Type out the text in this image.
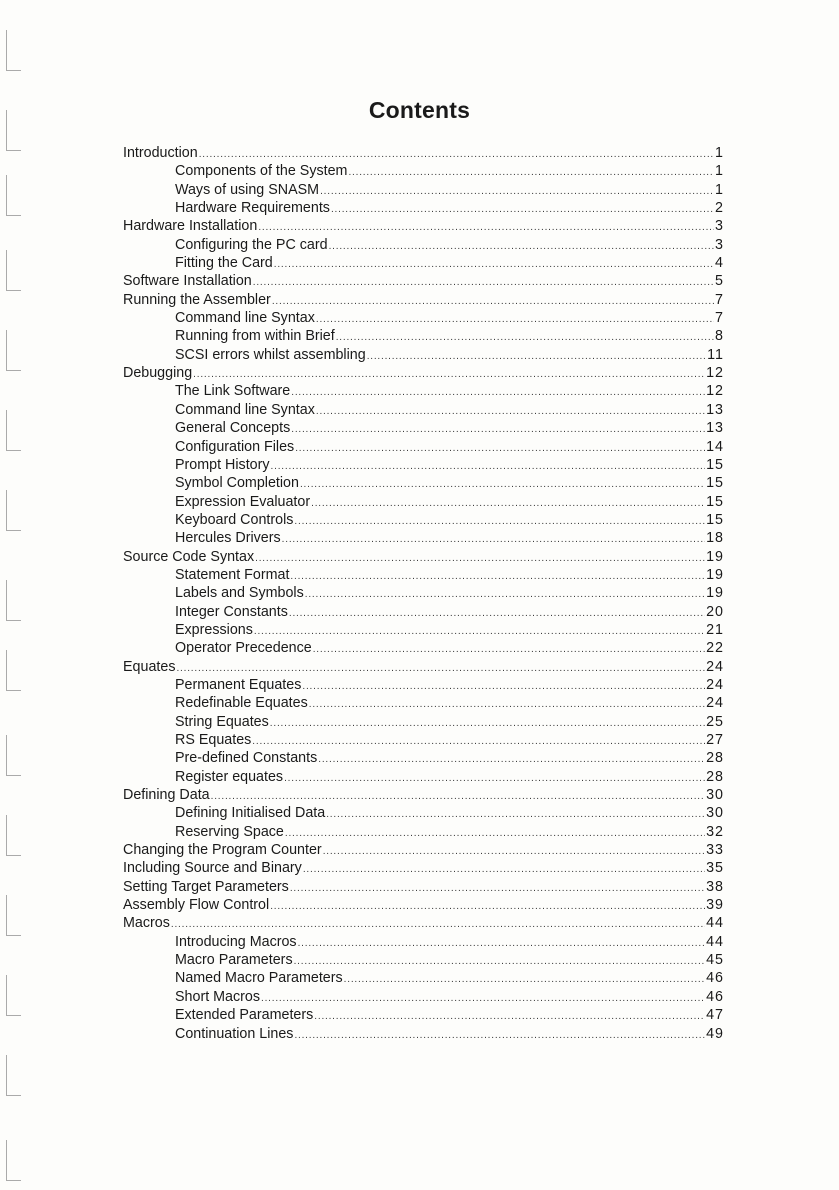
Contents
Introduction .....	1
Components of the System .....	1
Ways of using SNASM .....	1
Hardware Requirements .....	2
Hardware Installation .....	3
Configuring the PC card .....	3
Fitting the Card .....	4
Software Installation .....	5
Running the Assembler .....	7
Command line Syntax .....	7
Running from within Brief .....	8
SCSI errors whilst assembling .....	11
Debugging .....	12
The Link Software .....	12
Command line Syntax .....	13
General Concepts .....	13
Configuration Files .....	14
Prompt History .....	15
Symbol Completion .....	15
Expression Evaluator .....	15
Keyboard Controls .....	15
Hercules Drivers .....	18
Source Code Syntax .....	19
Statement Format .....	19
Labels and Symbols .....	19
Integer Constants .....	20
Expressions .....	21
Operator Precedence .....	22
Equates .....	24
Permanent Equates .....	24
Redefinable Equates .....	24
String Equates .....	25
RS Equates .....	27
Pre-defined Constants .....	28
Register equates .....	28
Defining Data .....	30
Defining Initialised Data .....	30
Reserving Space .....	32
Changing the Program Counter .....	33
Including Source and Binary .....	35
Setting Target Parameters .....	38
Assembly Flow Control .....	39
Macros .....	44
Introducing Macros .....	44
Macro Parameters .....	45
Named Macro Parameters .....	46
Short Macros .....	46
Extended Parameters .....	47
Continuation Lines .....	49
